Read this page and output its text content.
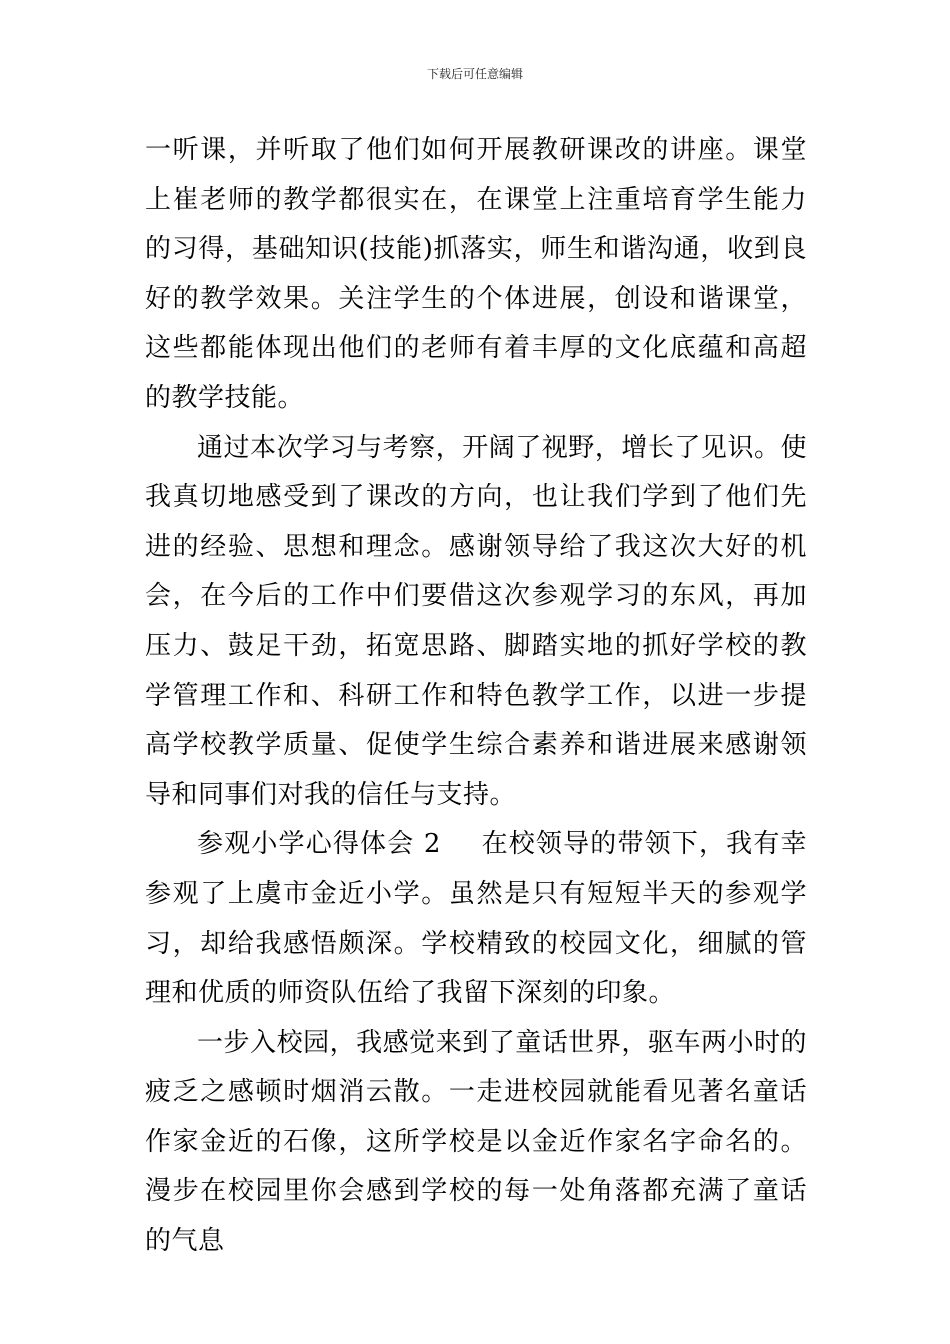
下载后可任意编辑

一听课，并听取了他们如何开展教研课改的讲座。课堂上崔老师的教学都很实在，在课堂上注重培育学生能力的习得，基础知识(技能)抓落实，师生和谐沟通，收到良好的教学效果。关注学生的个体进展，创设和谐课堂，这些都能体现出他们的老师有着丰厚的文化底蕴和高超的教学技能。

通过本次学习与考察，开阔了视野，增长了见识。使我真切地感受到了课改的方向，也让我们学到了他们先进的经验、思想和理念。感谢领导给了我这次大好的机会，在今后的工作中们要借这次参观学习的东风，再加压力、鼓足干劲，拓宽思路、脚踏实地的抓好学校的教学管理工作和、科研工作和特色教学工作，以进一步提高学校教学质量、促使学生综合素养和谐进展来感谢领导和同事们对我的信任与支持。

参观小学心得体会 2 在校领导的带领下，我有幸参观了上虞市金近小学。虽然是只有短短半天的参观学习，却给我感悟颇深。学校精致的校园文化，细腻的管理和优质的师资队伍给了我留下深刻的印象。

一步入校园，我感觉来到了童话世界，驱车两小时的疲乏之感顿时烟消云散。一走进校园就能看见著名童话作家金近的石像，这所学校是以金近作家名字命名的。漫步在校园里你会感到学校的每一处角落都充满了童话的气息
